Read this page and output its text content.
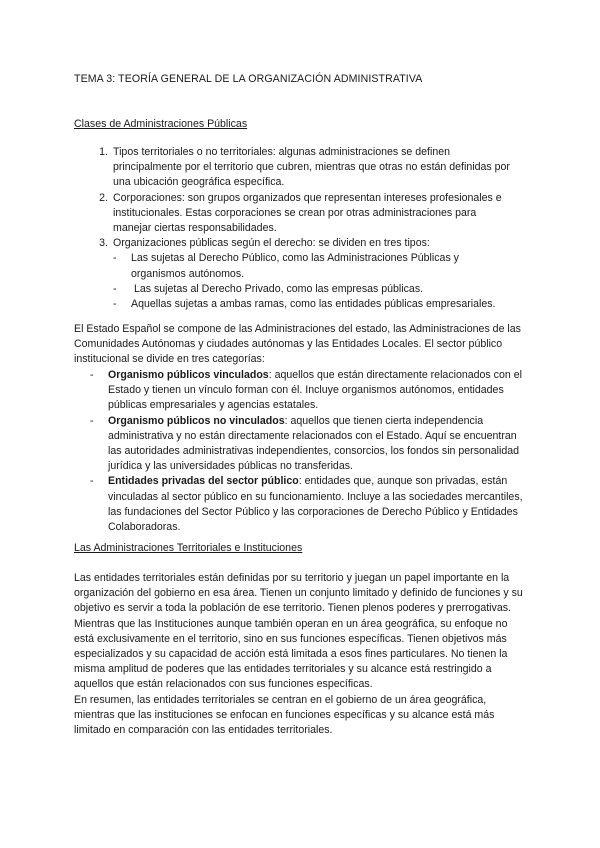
TEMA 3: TEORÍA GENERAL DE LA ORGANIZACIÓN ADMINISTRATIVA
Clases de Administraciones Públicas
1. Tipos territoriales o no territoriales: algunas administraciones se definen principalmente por el territorio que cubren, mientras que otras no están definidas por una ubicación geográfica específica.
2. Corporaciones: son grupos organizados que representan intereses profesionales e institucionales. Estas corporaciones se crean por otras administraciones para manejar ciertas responsabilidades.
3. Organizaciones públicas según el derecho: se dividen en tres tipos:
-	Las sujetas al Derecho Público, como las Administraciones Públicas y organismos autónomos.
-	Las sujetas al Derecho Privado, como las empresas públicas.
-	Aquellas sujetas a ambas ramas, como las entidades públicas empresariales.

El Estado Español se compone de las Administraciones del estado, las Administraciones de las Comunidades Autónomas y ciudades autónomas y las Entidades Locales. El sector público institucional se divide en tres categorías:

-	Organismo públicos vinculados: aquellos que están directamente relacionados con el Estado y tienen un vínculo forman con él. Incluye organismos autónomos, entidades públicas empresariales y agencias estatales.
-	Organismo públicos no vinculados: aquellos que tienen cierta independencia administrativa y no están directamente relacionados con el Estado. Aquí se encuentran las autoridades administrativas independientes, consorcios, los fondos sin personalidad jurídica y las universidades públicas no transferidas.
-	Entidades privadas del sector público: entidades que, aunque son privadas, están vinculadas al sector público en su funcionamiento. Incluye a las sociedades mercantiles, las fundaciones del Sector Público y las corporaciones de Derecho Público y Entidades Colaboradoras.
Las Administraciones Territoriales e Instituciones
Las entidades territoriales están definidas por su territorio y juegan un papel importante en la organización del gobierno en esa área. Tienen un conjunto limitado y definido de funciones y su objetivo es servir a toda la población de ese territorio. Tienen plenos poderes y prerrogativas. Mientras que las Instituciones aunque también operan en un área geográfica, su enfoque no está exclusivamente en el territorio, sino en sus funciones específicas. Tienen objetivos más especializados y su capacidad de acción está limitada a esos fines particulares. No tienen la misma amplitud de poderes que las entidades territoriales y su alcance está restringido a aquellos que están relacionados con sus funciones específicas.
En resumen, las entidades territoriales se centran en el gobierno de un área geográfica, mientras que las instituciones se enfocan en funciones específicas y su alcance está más limitado en comparación con las entidades territoriales.
